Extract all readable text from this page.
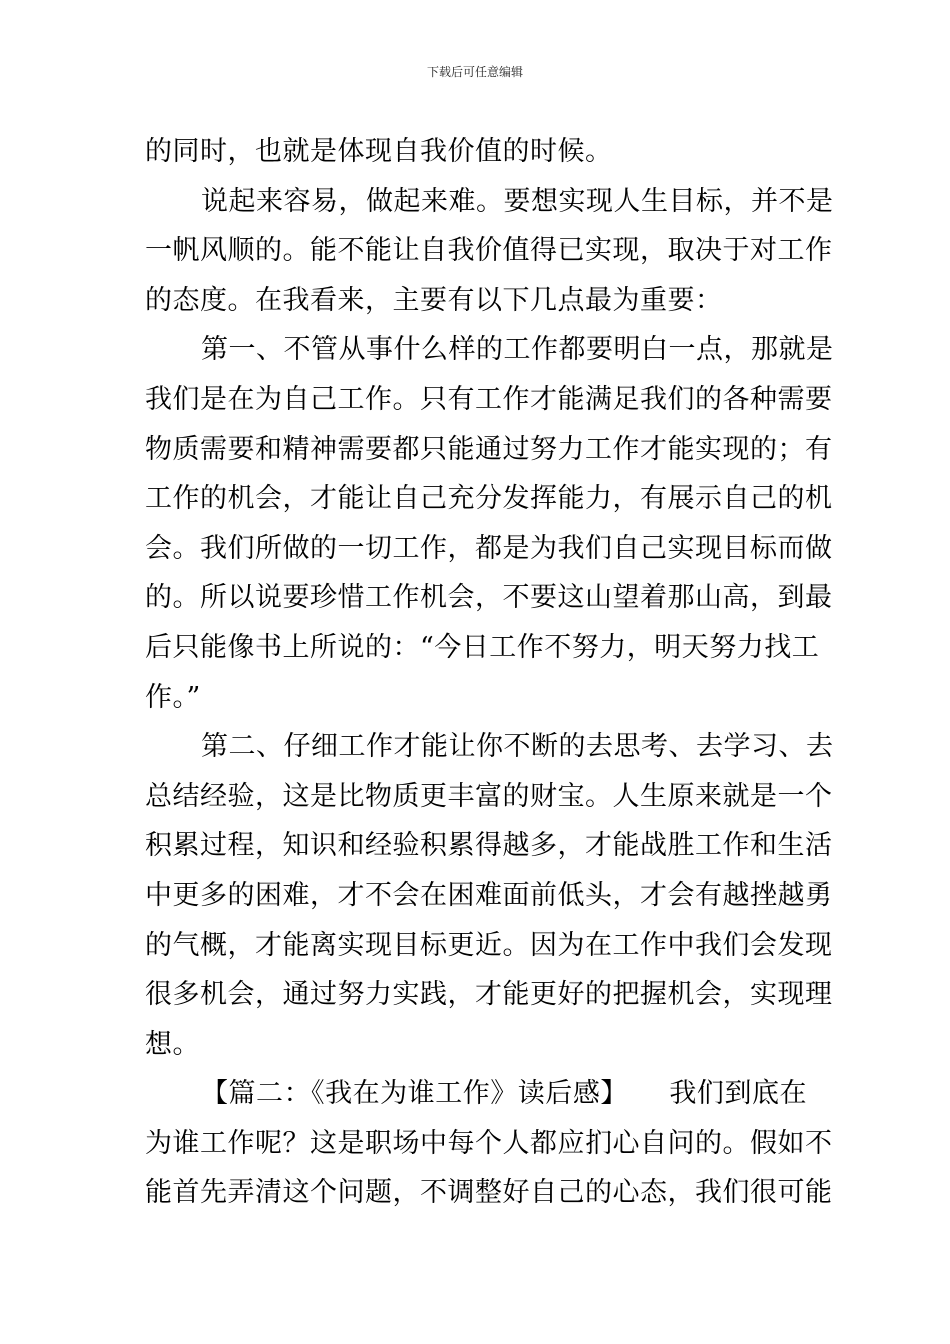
下载后可任意编辑
的同时，也就是体现自我价值的时候。
说起来容易，做起来难。要想实现人生目标，并不是
一帆风顺的。能不能让自我价值得已实现，取决于对工作
的态度。在我看来，主要有以下几点最为重要：
第一、不管从事什么样的工作都要明白一点，那就是
我们是在为自己工作。只有工作才能满足我们的各种需要
物质需要和精神需要都只能通过努力工作才能实现的；有
工作的机会，才能让自己充分发挥能力，有展示自己的机
会。我们所做的一切工作，都是为我们自己实现目标而做
的。所以说要珍惜工作机会，不要这山望着那山高，到最
后只能像书上所说的：“今日工作不努力，明天努力找工
作。”
第二、仔细工作才能让你不断的去思考、去学习、去
总结经验，这是比物质更丰富的财宝。人生原来就是一个
积累过程，知识和经验积累得越多，才能战胜工作和生活
中更多的困难，才不会在困难面前低头，才会有越挫越勇
的气概，才能离实现目标更近。因为在工作中我们会发现
很多机会，通过努力实践，才能更好的把握机会，实现理
想。
【篇二：《我在为谁工作》读后感】　　我们到底在
为谁工作呢？这是职场中每个人都应扪心自问的。假如不
能首先弄清这个问题，不调整好自己的心态，我们很可能
